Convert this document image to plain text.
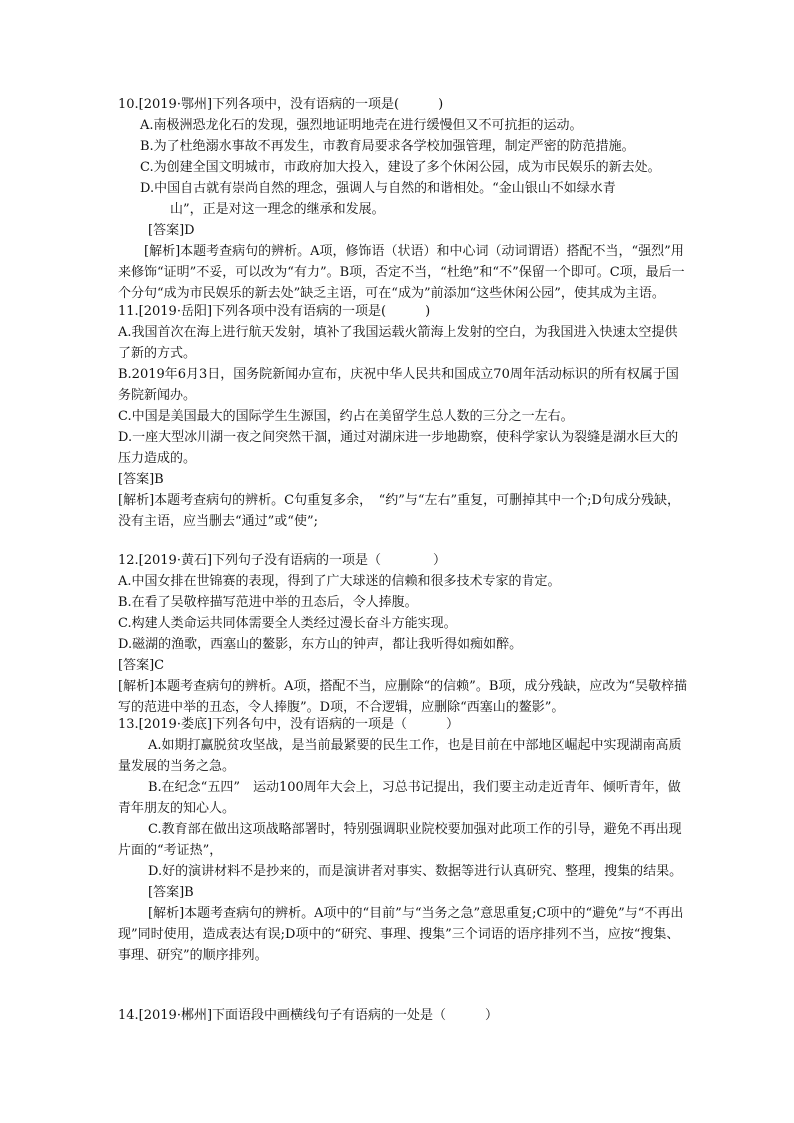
10.[2019·鄂州]下列各项中，没有语病的一项是(　　　)
A.南极洲恐龙化石的发现，强烈地证明地壳在进行缓慢但又不可抗拒的运动。
B.为了杜绝溺水事故不再发生，市教育局要求各学校加强管理，制定严密的防范措施。
C.为创建全国文明城市，市政府加大投入，建设了多个休闲公园，成为市民娱乐的新去处。
D.中国自古就有崇尚自然的理念，强调人与自然的和谐相处。“金山银山不如绿水青
山”，正是对这一理念的继承和发展。
[答案]D
[解析]本题考查病句的辨析。A项，修饰语（状语）和中心词（动词谓语）搭配不当，“强烈”用来修饰“证明”不妥，可以改为“有力”。B项，否定不当，“杜绝”和“不”保留一个即可。C项，最后一个分句“成为市民娱乐的新去处”缺乏主语，可在“成为”前添加“这些休闲公园”，使其成为主语。
11.[2019·岳阳]下列各项中没有语病的一项是(　　　)
A.我国首次在海上进行航天发射，填补了我国运载火箭海上发射的空白，为我国进入快速太空提供了新的方式。
B.2019年6月3日，国务院新闻办宣布，庆祝中华人民共和国成立70周年活动标识的所有权属于国务院新闻办。
C.中国是美国最大的国际学生生源国，约占在美留学生总人数的三分之一左右。
D.一座大型冰川湖一夜之间突然干涸，通过对湖床进一步地勘察，使科学家认为裂缝是湖水巨大的压力造成的。
[答案]B
[解析]本题考查病句的辨析。C句重复多余，　“约”与“左右”重复，可删掉其中一个;D句成分残缺，没有主语，应当删去“通过”或“使”;
12.[2019·黄石]下列句子没有语病的一项是（　　　　）
A.中国女排在世锦赛的表现，得到了广大球迷的信赖和很多技术专家的肯定。
B.在看了吴敬梓描写范进中举的丑态后，令人捧腹。
C.构建人类命运共同体需要全人类经过漫长奋斗方能实现。
D.磁湖的渔歌，西塞山的鳌影，东方山的钟声，都让我听得如痴如醉。
[答案]C
[解析]本题考查病句的辨析。A项，搭配不当，应删除“的信赖”。B项，成分残缺，应改为“吴敬梓描写的范进中举的丑态，令人捧腹”。D项，不合逻辑，应删除“西塞山的鳌影”。
13.[2019·娄底]下列各句中，没有语病的一项是（　　　）
A.如期打赢脱贫攻坚战，是当前最紧要的民生工作，也是目前在中部地区崛起中实现湖南高质量发展的当务之急。
B.在纪念“五四”　运动100周年大会上，习总书记提出，我们要主动走近青年、倾听青年，做青年朋友的知心人。
C.教育部在做出这项战略部署时，特别强调职业院校要加强对此项工作的引导，避免不再出现片面的“考证热”，
D.好的演讲材料不是抄来的，而是演讲者对事实、数据等进行认真研究、整理，搜集的结果。
[答案]B
[解析]本题考查病句的辨析。A项中的“目前”与“当务之急”意思重复;C项中的“避免”与“不再出现”同时使用，造成表达有误;D项中的“研究、事理、搜集”三个词语的语序排列不当，应按“搜集、事理、研究”的顺序排列。
14.[2019·郴州]下面语段中画横线句子有语病的一处是（　　　）
